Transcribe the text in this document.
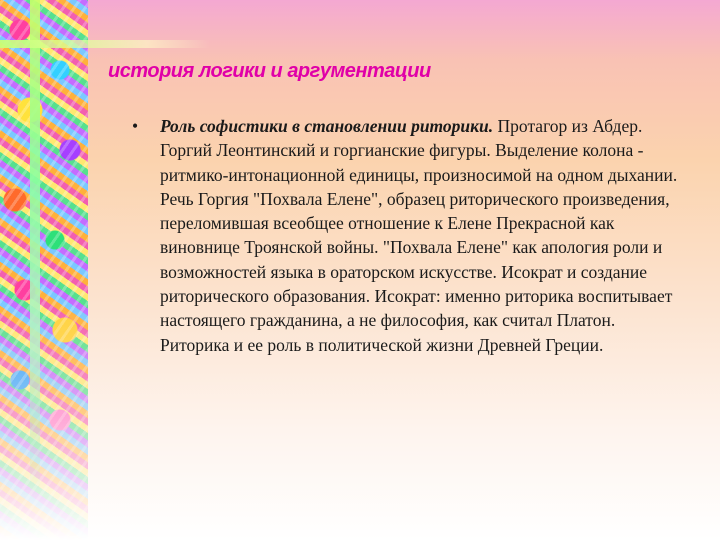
история логики и аргументации
•	Роль софистики в становлении риторики. Протагор из Абдер. Горгий Леонтинский и горгианские фигуры. Выделение колона - ритмико-интонационной единицы, произносимой на одном дыхании. Речь Горгия "Похвала Елене", образец риторического произведения, переломившая всеобщее отношение к Елене Прекрасной как виновнице Троянской войны. "Похвала Елене" как апология роли и возможностей языка в ораторском искусстве. Исократ и создание риторического образования. Исократ: именно риторика воспитывает настоящего гражданина, а не философия, как считал Платон. Риторика и ее роль в политической жизни Древней Греции.
